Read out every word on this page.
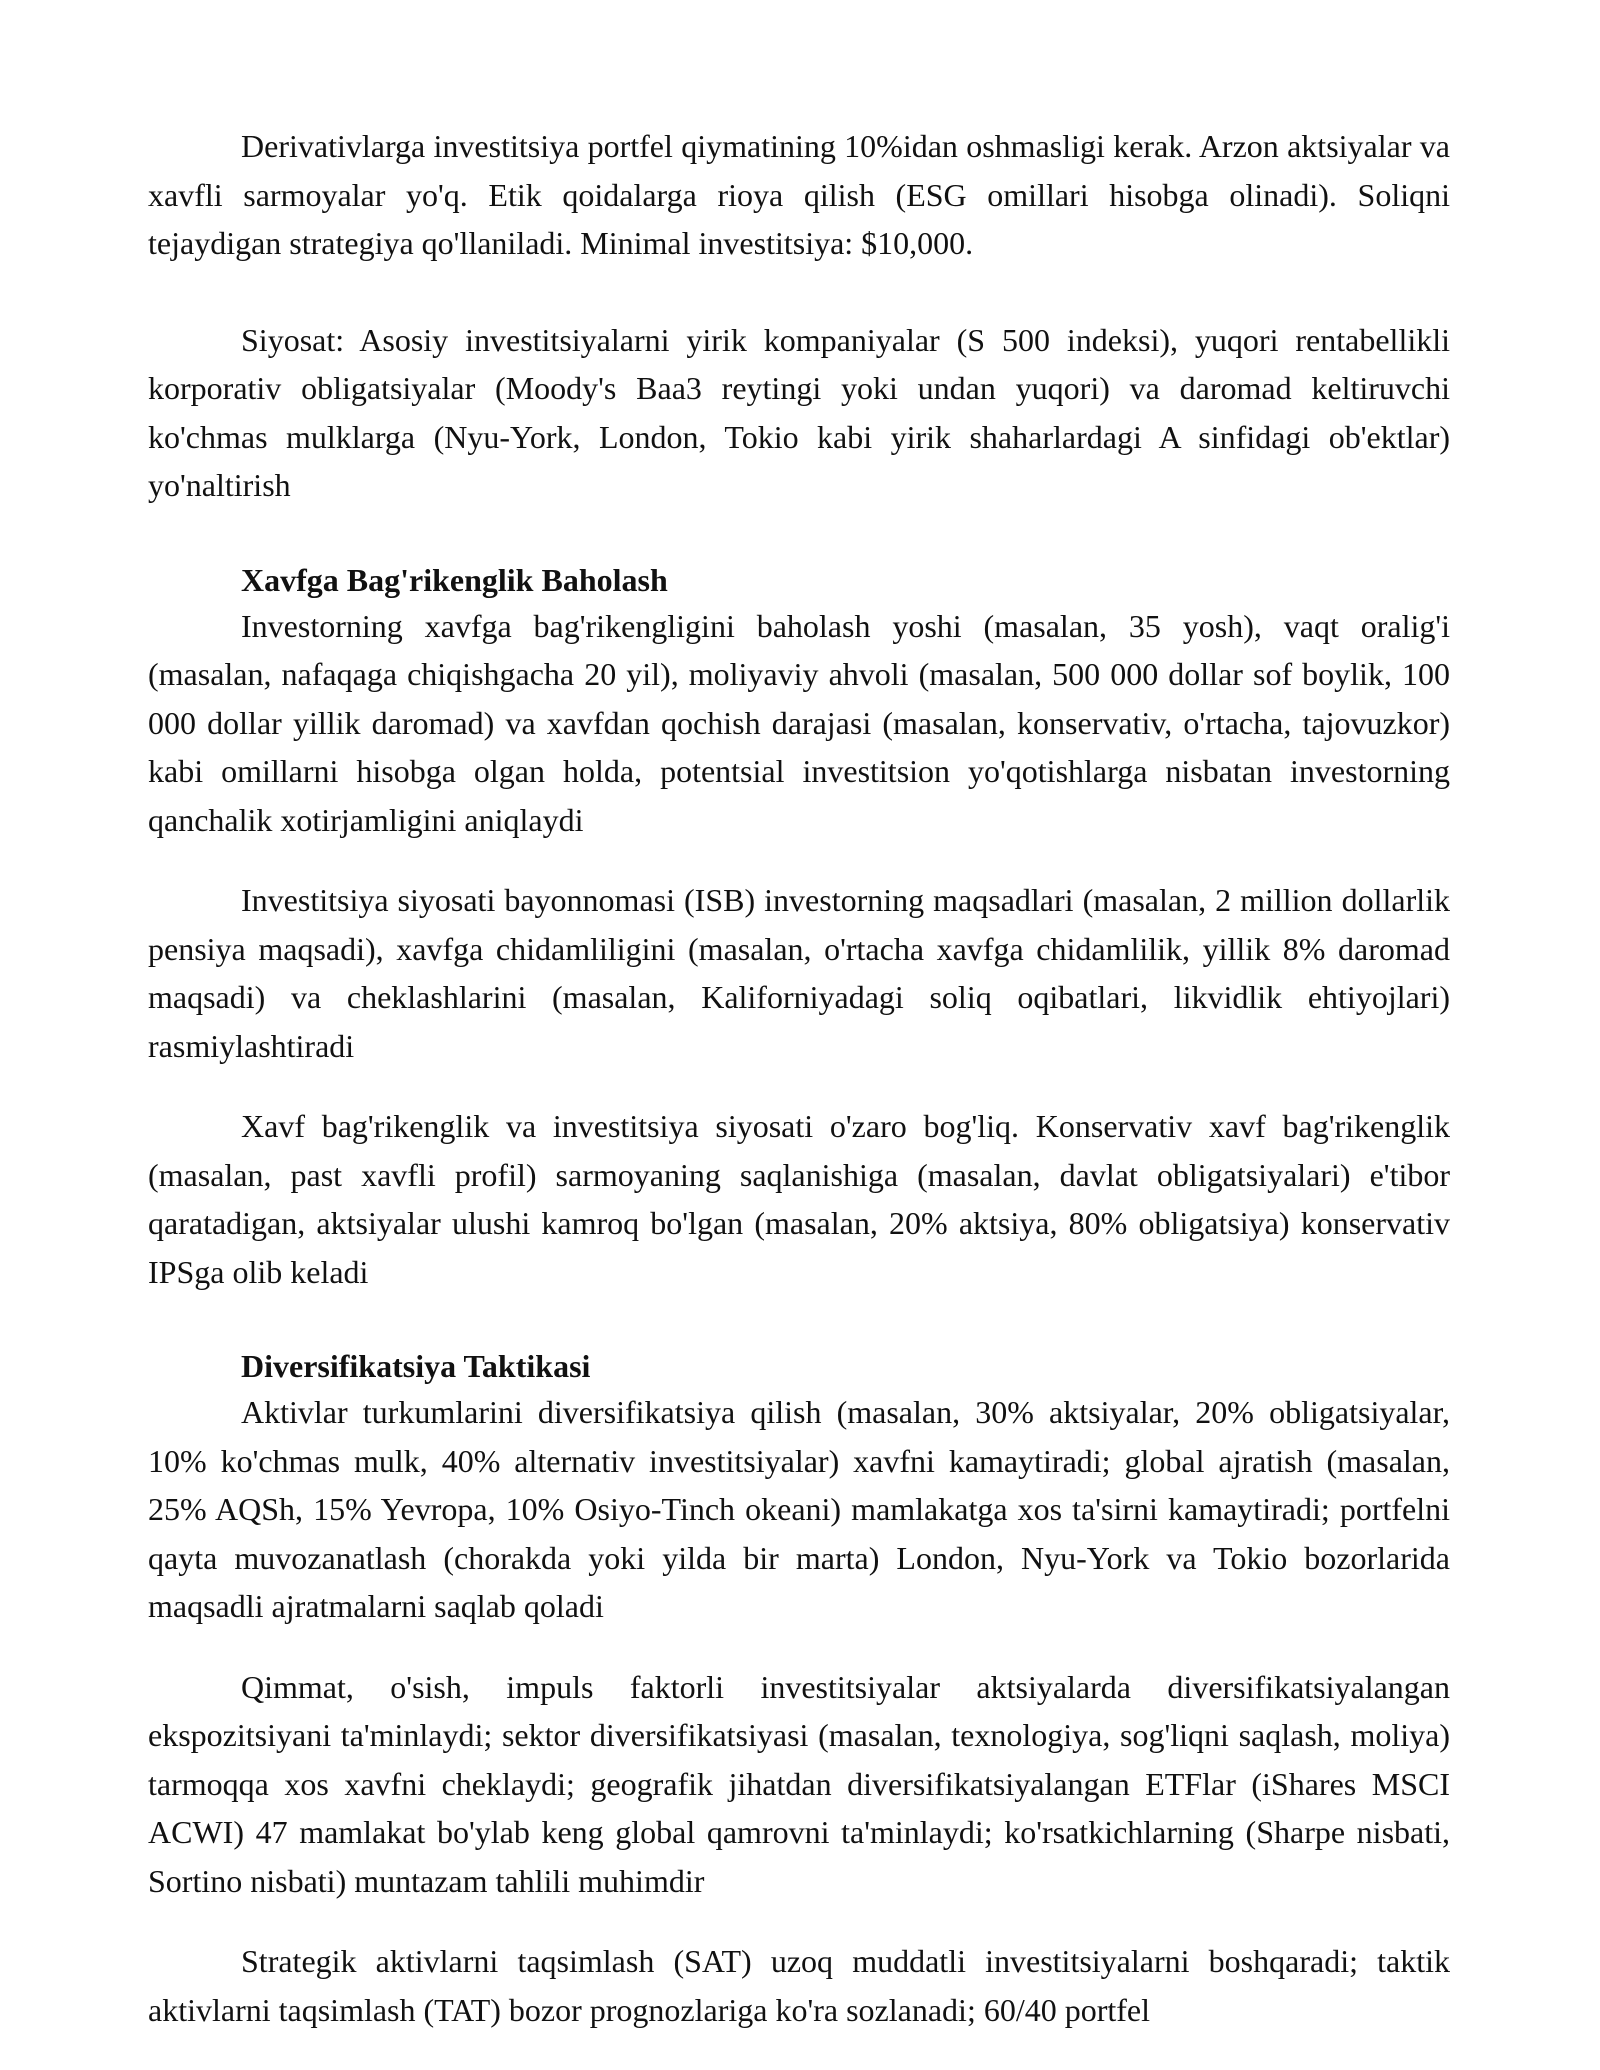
Derivativlarga investitsiya portfel qiymatining 10%idan oshmasligi kerak. Arzon aktsiyalar va xavfli sarmoyalar yo'q. Etik qoidalarga rioya qilish (ESG omillari hisobga olinadi). Soliqni tejaydigan strategiya qo'llaniladi. Minimal investitsiya: $10,000.

Siyosat: Asosiy investitsiyalarni yirik kompaniyalar (S 500 indeksi), yuqori rentabellikli korporativ obligatsiyalar (Moody's Baa3 reytingi yoki undan yuqori) va daromad keltiruvchi ko'chmas mulklarga (Nyu-York, London, Tokio kabi yirik shaharlardagi A sinfidagi ob'ektlar) yo'naltirish

Xavfga Bag'rikenglik Baholash

Investorning xavfga bag'rikengligini baholash yoshi (masalan, 35 yosh), vaqt oralig'i (masalan, nafaqaga chiqishgacha 20 yil), moliyaviy ahvoli (masalan, 500 000 dollar sof boylik, 100 000 dollar yillik daromad) va xavfdan qochish darajasi (masalan, konservativ, o'rtacha, tajovuzkor) kabi omillarni hisobga olgan holda, potentsial investitsion yo'qotishlarga nisbatan investorning qanchalik xotirjamligini aniqlaydi

Investitsiya siyosati bayonnomasi (ISB) investorning maqsadlari (masalan, 2 million dollarlik pensiya maqsadi), xavfga chidamliligini (masalan, o'rtacha xavfga chidamlilik, yillik 8% daromad maqsadi) va cheklashlarini (masalan, Kaliforniyadagi soliq oqibatlari, likvidlik ehtiyojlari) rasmiylashtiradi

Xavf bag'rikenglik va investitsiya siyosati o'zaro bog'liq. Konservativ xavf bag'rikenglik (masalan, past xavfli profil) sarmoyaning saqlanishiga (masalan, davlat obligatsiyalari) e'tibor qaratadigan, aktsiyalar ulushi kamroq bo'lgan (masalan, 20% aktsiya, 80% obligatsiya) konservativ IPSga olib keladi

Diversifikatsiya Taktikasi

Aktivlar turkumlarini diversifikatsiya qilish (masalan, 30% aktsiyalar, 20% obligatsiyalar, 10% ko'chmas mulk, 40% alternativ investitsiyalar) xavfni kamaytiradi; global ajratish (masalan, 25% AQSh, 15% Yevropa, 10% Osiyo-Tinch okeani) mamlakatga xos ta'sirni kamaytiradi; portfelni qayta muvozanatlash (chorakda yoki yilda bir marta) London, Nyu-York va Tokio bozorlarida maqsadli ajratmalarni saqlab qoladi

Qimmat, o'sish, impuls faktorli investitsiyalar aktsiyalarda diversifikatsiyalangan ekspozitsiyani ta'minlaydi; sektor diversifikatsiyasi (masalan, texnologiya, sog'liqni saqlash, moliya) tarmoqqa xos xavfni cheklaydi; geografik jihatdan diversifikatsiyalangan ETFlar (iShares MSCI ACWI) 47 mamlakat bo'ylab keng global qamrovni ta'minlaydi; ko'rsatkichlarning (Sharpe nisbati, Sortino nisbati) muntazam tahlili muhimdir

Strategik aktivlarni taqsimlash (SAT) uzoq muddatli investitsiyalarni boshqaradi; taktik aktivlarni taqsimlash (TAT) bozor prognozlariga ko'ra sozlanadi; 60/40 portfel
